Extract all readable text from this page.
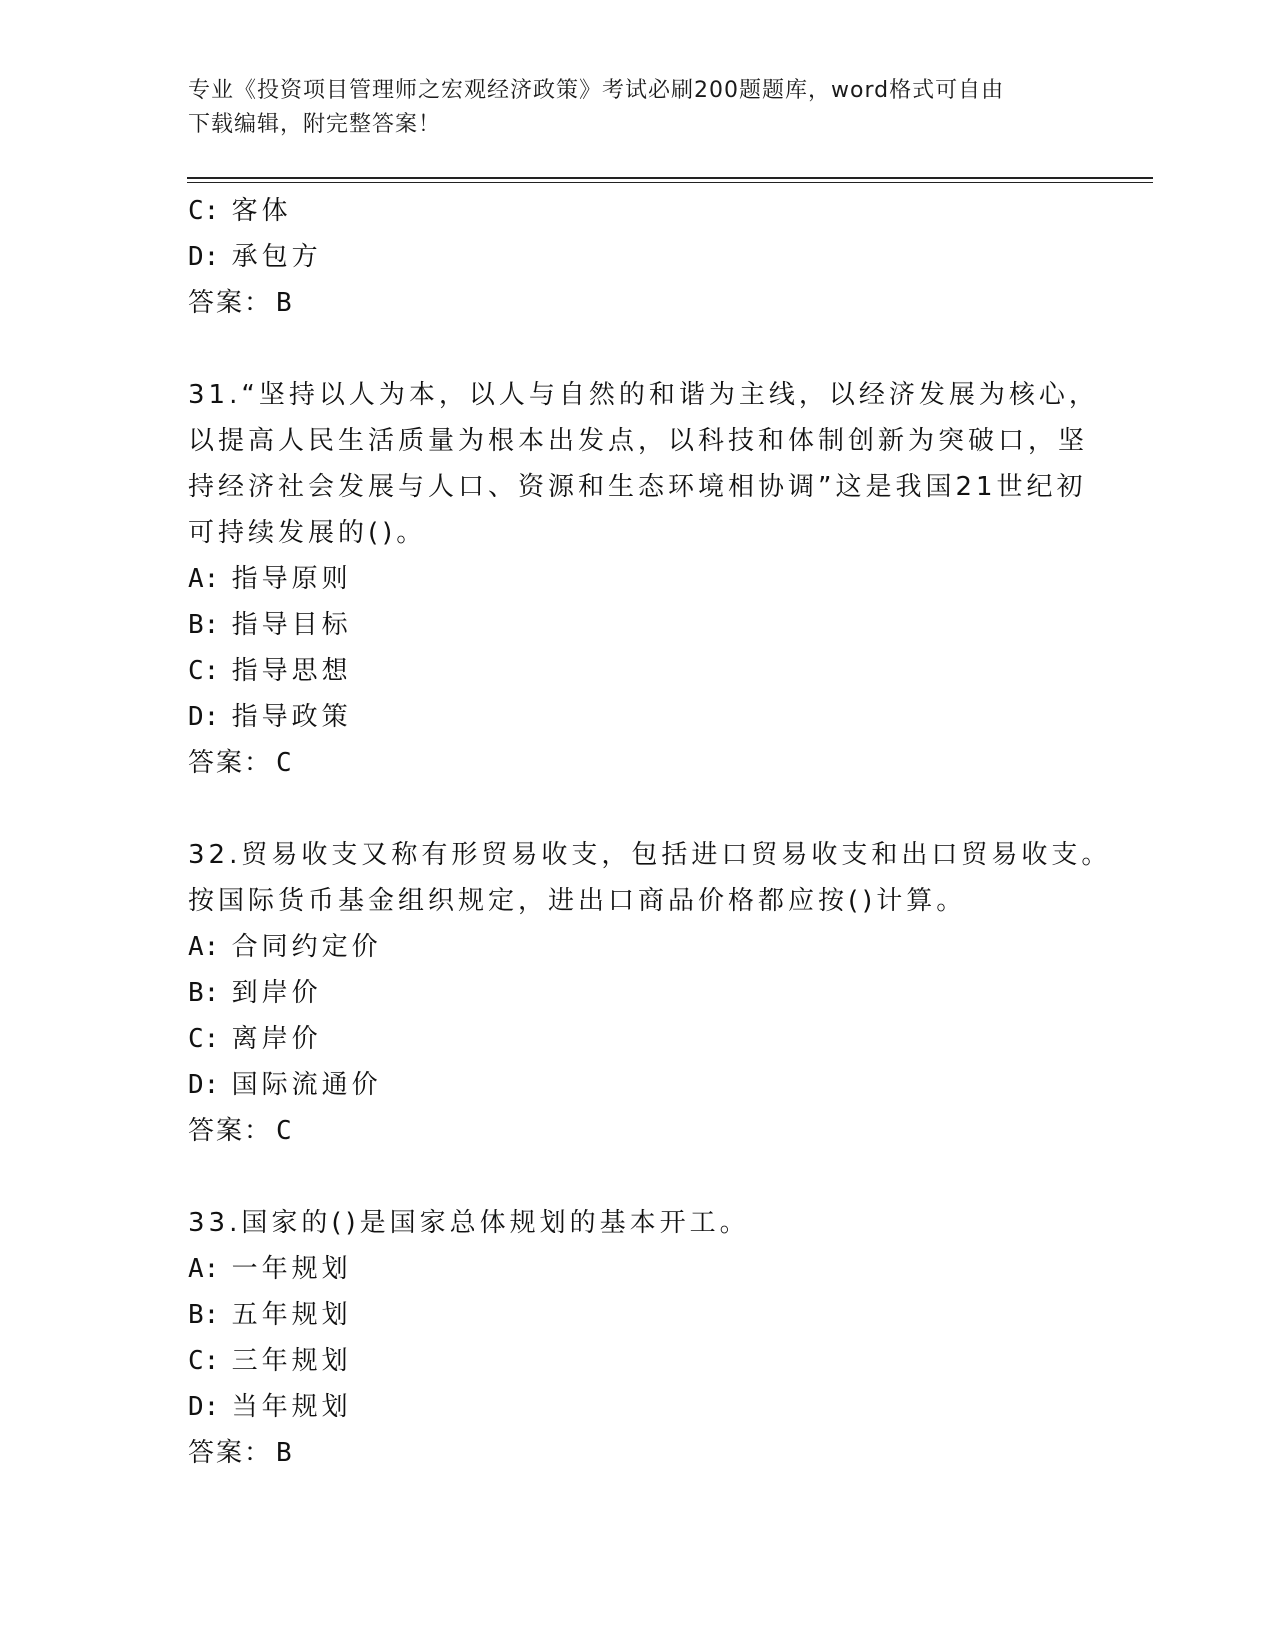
专业《投资项目管理师之宏观经济政策》考试必刷200题题库，word格式可自由
下载编辑，附完整答案！
C: 客体
D: 承包方
答案： B
31.“坚持以人为本，以人与自然的和谐为主线，以经济发展为核心，
以提高人民生活质量为根本出发点，以科技和体制创新为突破口，坚
持经济社会发展与人口、资源和生态环境相协调”这是我国21世纪初
可持续发展的()。
A: 指导原则
B: 指导目标
C: 指导思想
D: 指导政策
答案： C
32.贸易收支又称有形贸易收支，包括进口贸易收支和出口贸易收支。
按国际货币基金组织规定，进出口商品价格都应按()计算。
A: 合同约定价
B: 到岸价
C: 离岸价
D: 国际流通价
答案： C
33.国家的()是国家总体规划的基本开工。
A: 一年规划
B: 五年规划
C: 三年规划
D: 当年规划
答案： B
